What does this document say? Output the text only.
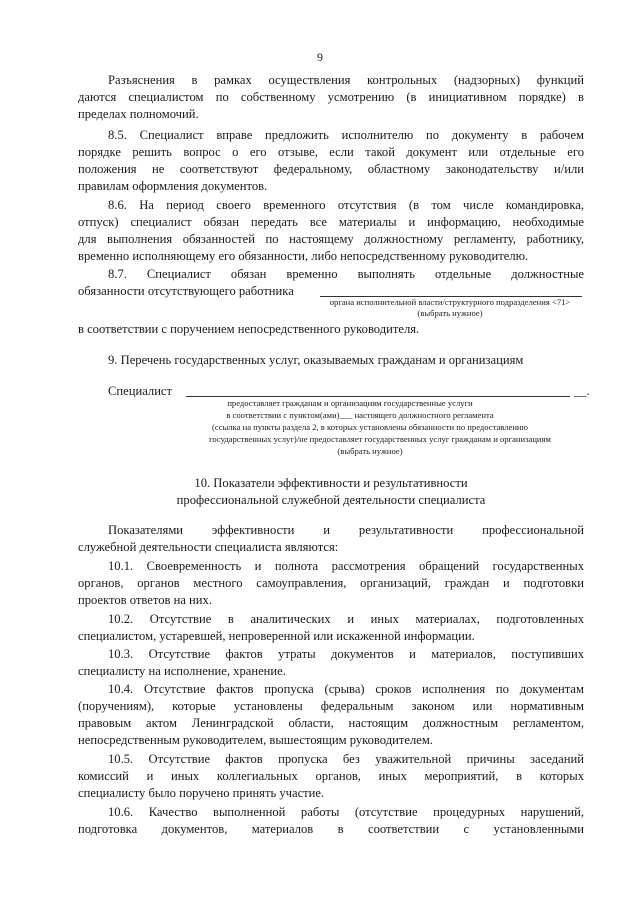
9
Разъяснения в рамках осуществления контрольных (надзорных) функций
даются специалистом по собственному усмотрению (в инициативном порядке) в
пределах полномочий.
8.5. Специалист вправе предложить исполнителю по документу в рабочем
порядке решить вопрос о его отзыве, если такой документ или отдельные его
положения не соответствуют федеральному, областному законодательству и/или
правилам оформления документов.
8.6. На период своего временного отсутствия (в том числе командировка,
отпуск) специалист обязан передать все материалы и информацию, необходимые
для выполнения обязанностей по настоящему должностному регламенту, работнику,
временно исполняющему его обязанности, либо непосредственному руководителю.
8.7. Специалист обязан временно выполнять отдельные должностные
обязанности отсутствующего работника
органа исполнительной власти/структурного подразделения <71>
(выбрать нужное)
в соответствии с поручением непосредственного руководителя.
9. Перечень государственных услуг, оказываемых гражданам и организациям
Специалист	__.
предоставляет гражданам и организациям государственные услуги
в соответствии с пунктом(ами)___ настоящего должностного регламента
(ссылка на пункты раздела 2, в которых установлены обязанности по предоставлению
государственных услуг)/не предоставляет государственных услуг гражданам и организациям
(выбрать нужное)
10. Показатели эффективности и результативности
профессиональной служебной деятельности специалиста
Показателями эффективности и результативности профессиональной
служебной деятельности специалиста являются:
10.1. Своевременность и полнота рассмотрения обращений государственных
органов, органов местного самоуправления, организаций, граждан и подготовки
проектов ответов на них.
10.2. Отсутствие в аналитических и иных материалах, подготовленных
специалистом, устаревшей, непроверенной или искаженной информации.
10.3. Отсутствие фактов утраты документов и материалов, поступивших
специалисту на исполнение, хранение.
10.4. Отсутствие фактов пропуска (срыва) сроков исполнения по документам
(поручениям), которые установлены федеральным законом или нормативным
правовым актом Ленинградской области, настоящим должностным регламентом,
непосредственным руководителем, вышестоящим руководителем.
10.5. Отсутствие фактов пропуска без уважительной причины заседаний
комиссий и иных коллегиальных органов, иных мероприятий, в которых
специалисту было поручено принять участие.
10.6. Качество выполненной работы (отсутствие процедурных нарушений,
подготовка документов, материалов в соответствии с установленными
